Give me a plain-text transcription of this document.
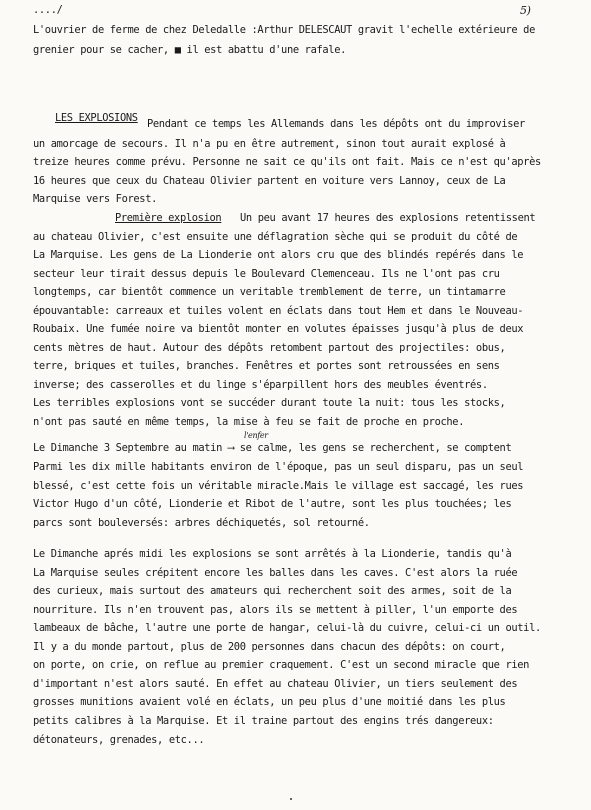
..../	5)
L'ouvrier de ferme de chez Deledalle :Arthur DELESCAUT gravit l'echelle extérieure de
grenier pour se cacher, ■ il est abattu d'une rafale.
LES EXPLOSIONS Pendant ce temps les Allemands dans les dépôts ont du improviser
un amorcage de secours. Il n'a pu en être autrement, sinon tout aurait explosé à
treize heures comme prévu. Personne ne sait ce qu'ils ont fait. Mais ce n'est qu'après
16 heures que ceux du Chateau Olivier partent en voiture vers Lannoy, ceux de La
Marquise vers Forest.
Première explosion Un peu avant 17 heures des explosions retentissent
au chateau Olivier, c'est ensuite une déflagration sèche qui se produit du côté de
La Marquise. Les gens de La Lionderie ont alors cru que des blindés repérés dans le
secteur leur tirait dessus depuis le Boulevard Clemenceau. Ils ne l'ont pas cru
longtemps, car bientôt commence un veritable tremblement de terre, un tintamarre
épouvantable: carreaux et tuiles volent en éclats dans tout Hem et dans le Nouveau-
Roubaix. Une fumée noire va bientôt monter en volutes épaisses jusqu'à plus de deux
cents mètres de haut. Autour des dépôts retombent partout des projectiles: obus,
terre, briques et tuiles, branches. Fenêtres et portes sont retroussées en sens
inverse; des casserolles et du linge s'éparpillent hors des meubles éventrés.
Les terribles explosions vont se succéder durant toute la nuit: tous les stocks,
n'ont pas sauté en même temps, la mise à feu se fait de proche en proche.
l'enfer
Le Dimanche 3 Septembre au matin ⟶ se calme, les gens se recherchent, se comptent
Parmi les dix mille habitants environ de l'époque, pas un seul disparu, pas un seul
blessé, c'est cette fois un véritable miracle.Mais le village est saccagé, les rues
Victor Hugo d'un côté, Lionderie et Ribot de l'autre, sont les plus touchées; les
parcs sont bouleversés: arbres déchiquetés, sol retourné.
Le Dimanche aprés midi les explosions se sont arrêtés à la Lionderie, tandis qu'à
La Marquise seules crépitent encore les balles dans les caves. C'est alors la ruée
des curieux, mais surtout des amateurs qui recherchent soit des armes, soit de la
nourriture. Ils n'en trouvent pas, alors ils se mettent à piller, l'un emporte des
lambeaux de bâche, l'autre une porte de hangar, celui-là du cuivre, celui-ci un outil.
Il y a du monde partout, plus de 200 personnes dans chacun des dépôts: on court,
on porte, on crie, on reflue au premier craquement. C'est un second miracle que rien
d'important n'est alors sauté. En effet au chateau Olivier, un tiers seulement des
grosses munitions avaient volé en éclats, un peu plus d'une moitié dans les plus
petits calibres à la Marquise. Et il traine partout des engins trés dangereux:
détonateurs, grenades, etc...
